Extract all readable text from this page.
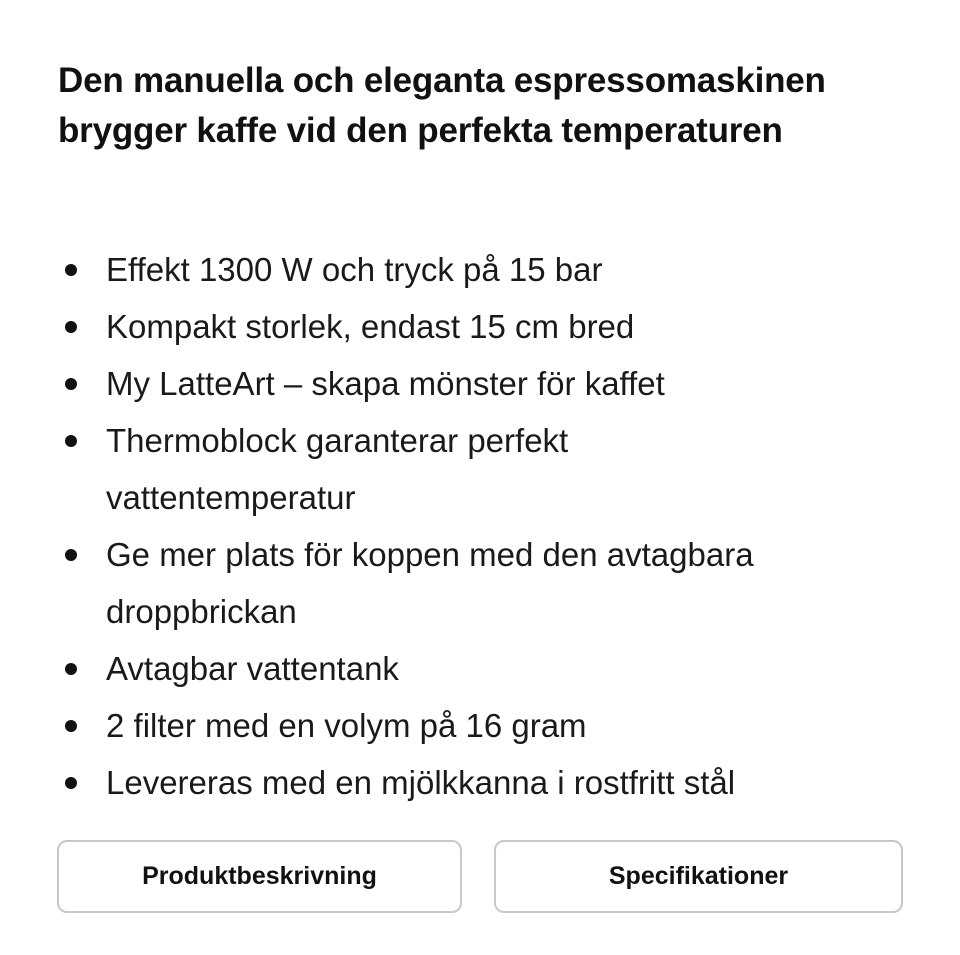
Den manuella och eleganta espressomaskinen brygger kaffe vid den perfekta temperaturen
Effekt 1300 W och tryck på 15 bar
Kompakt storlek, endast 15 cm bred
My LatteArt – skapa mönster för kaffet
Thermoblock garanterar perfekt vattentemperatur
Ge mer plats för koppen med den avtagbara droppbrickan
Avtagbar vattentank
2 filter med en volym på 16 gram
Levereras med en mjölkkanna i rostfritt stål
Produktbeskrivning	Specifikationer
